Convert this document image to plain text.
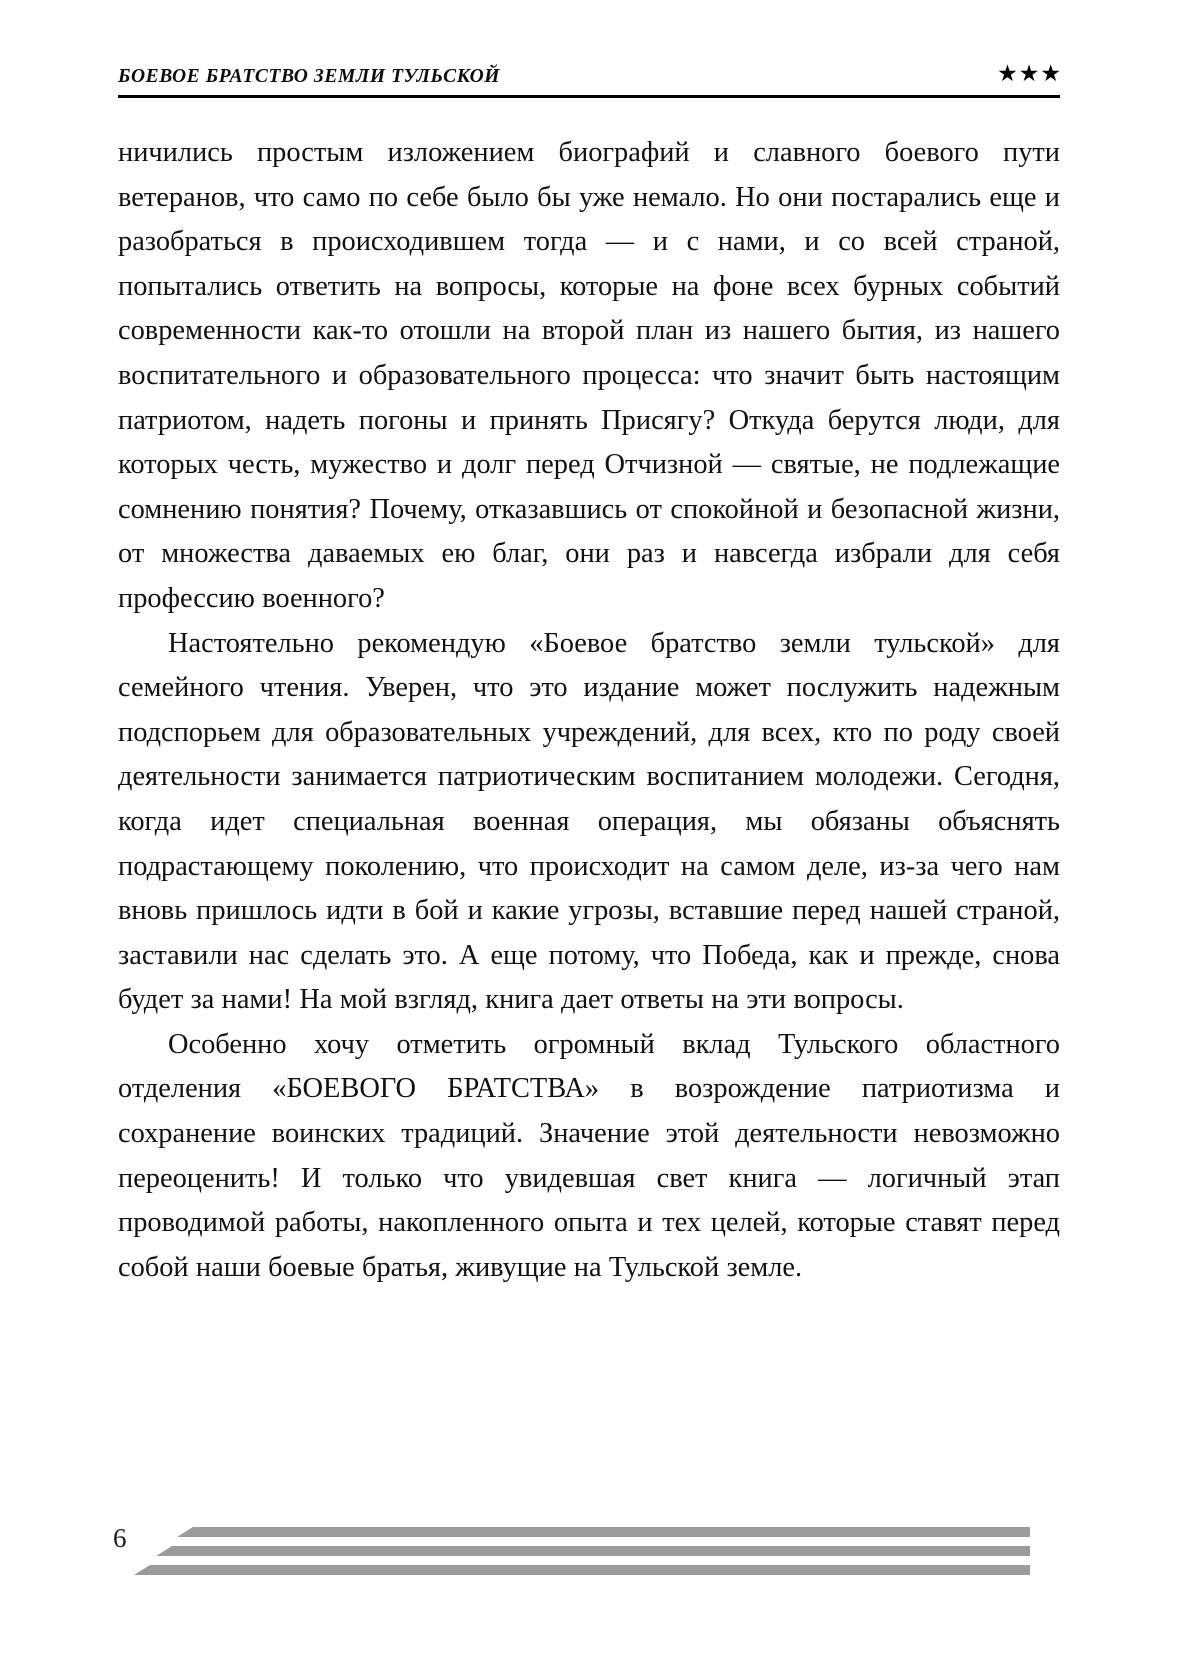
БОЕВОЕ БРАТСТВО ЗЕМЛИ ТУЛЬСКОЙ	★ ★ ★

ничились простым изложением биографий и славного боевого пути ветеранов, что само по себе было бы уже немало. Но они постарались еще и разобраться в происходившем тогда — и с нами, и со всей страной, попытались ответить на вопросы, которые на фоне всех бурных событий современности как-то отошли на второй план из нашего бытия, из нашего воспитательного и образовательного процесса: что значит быть настоящим патриотом, надеть погоны и принять Присягу? Откуда берутся люди, для которых честь, мужество и долг перед Отчизной — святые, не подлежащие сомнению понятия? Почему, отказавшись от спокойной и безопасной жизни, от множества даваемых ею благ, они раз и навсегда избрали для себя профессию военного?

Настоятельно рекомендую «Боевое братство земли тульской» для семейного чтения. Уверен, что это издание может послужить надежным подспорьем для образовательных учреждений, для всех, кто по роду своей деятельности занимается патриотическим воспитанием молодежи. Сегодня, когда идет специальная военная операция, мы обязаны объяснять подрастающему поколению, что происходит на самом деле, из-за чего нам вновь пришлось идти в бой и какие угрозы, вставшие перед нашей страной, заставили нас сделать это. А еще потому, что Победа, как и прежде, снова будет за нами! На мой взгляд, книга дает ответы на эти вопросы.

Особенно хочу отметить огромный вклад Тульского областного отделения «БОЕВОГО БРАТСТВА» в возрождение патриотизма и сохранение воинских традиций. Значение этой деятельности невозможно переоценить! И только что увидевшая свет книга — логичный этап проводимой работы, накопленного опыта и тех целей, которые ставят перед собой наши боевые братья, живущие на Тульской земле.

6
